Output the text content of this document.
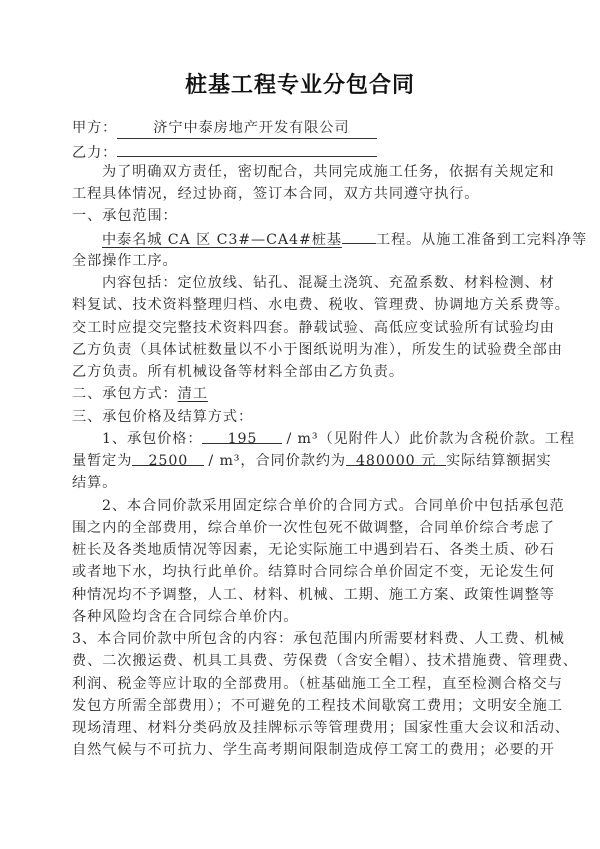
桩基工程专业分包合同
甲方：	济宁中泰房地产开发有限公司
乙力：
为了明确双方责任，密切配合，共同完成施工任务，依据有关规定和
工程具体情况，经过协商，签订本合同，双方共同遵守执行。
一、承包范围：
中泰名城 CA 区 C3#—CA4#桩基 工程。从施工准备到工完料净等
全部操作工序。
内容包括：定位放线、钻孔、混凝土浇筑、充盈系数、材料检测、材
料复试、技术资料整理归档、水电费、税收、管理费、协调地方关系费等。
交工时应提交完整技术资料四套。静载试验、高低应变试验所有试验均由
乙方负责（具体试桩数量以不小于图纸说明为准），所发生的试验费全部由
乙方负责。所有机械设备等材料全部由乙方负责。
二、承包方式：清工
三、承包价格及结算方式：
1、承包价格： 195 / m³（见附件人）此价款为含税价款。工程
量暂定为 2500 / m³，合同价款约为 480000 元 实际结算额据实
结算。
2、本合同价款采用固定综合单价的合同方式。合同单价中包括承包范
围之内的全部费用，综合单价一次性包死不做调整，合同单价综合考虑了
桩长及各类地质情况等因素，无论实际施工中遇到岩石、各类土质、砂石
或者地下水，均执行此单价。结算时合同综合单价固定不变，无论发生何
种情况均不予调整，人工、材料、机械、工期、施工方案、政策性调整等
各种风险均含在合同综合单价内。
3、本合同价款中所包含的内容：承包范围内所需要材料费、人工费、机械
费、二次搬运费、机具工具费、劳保费（含安全帽）、技术措施费、管理费、
利润、税金等应计取的全部费用。（桩基础施工全工程，直至检测合格交与
发包方所需全部费用）；不可避免的工程技术间歇窝工费用；文明安全施工
现场清理、材料分类码放及挂牌标示等管理费用；国家性重大会议和活动、
自然气候与不可抗力、学生高考期间限制造成停工窝工的费用；必要的开
